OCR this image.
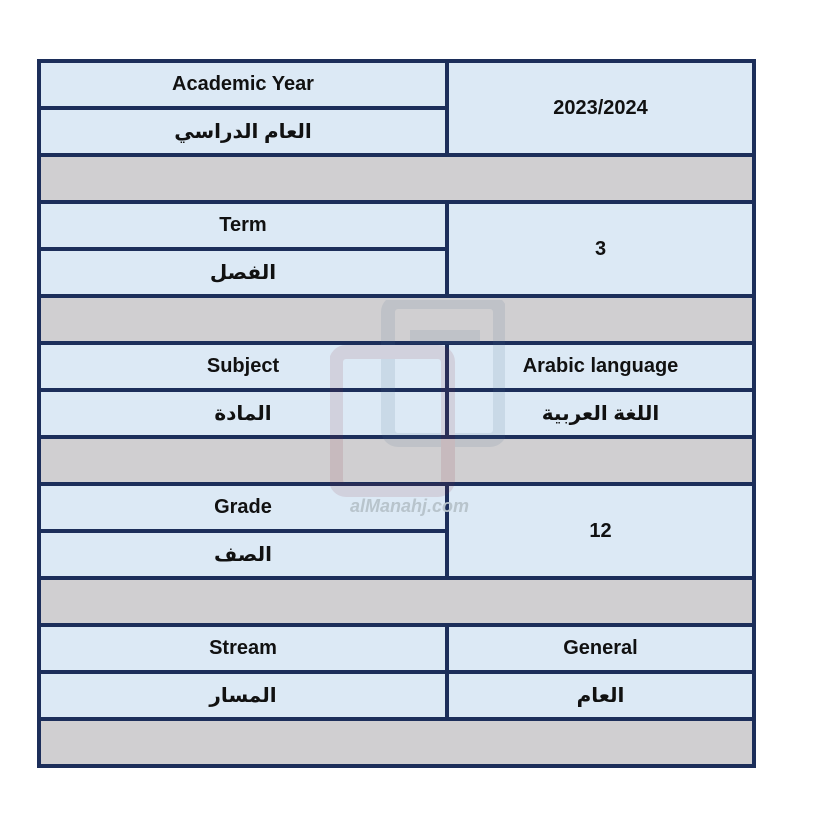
Academic Year	2023/2024
العام الدراسي	

Term	3
الفصل	

Subject	Arabic language
المادة	اللغة العربية

Grade	12
الصف	

Stream	General
المسار	العام

alManahj.com
